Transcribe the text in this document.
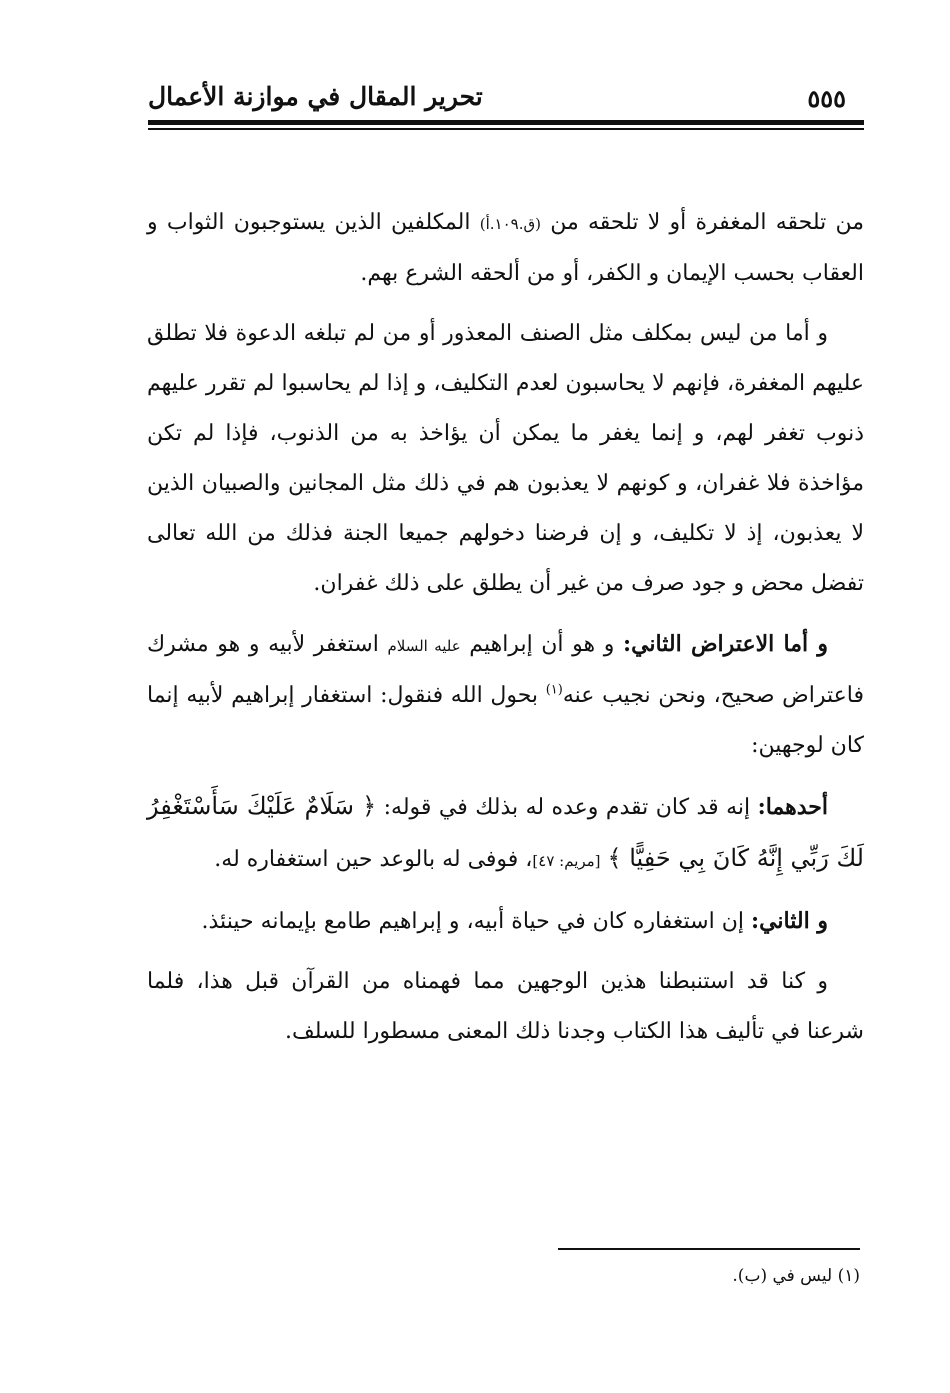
تحرير المقال في موازنة الأعمال	٥٥٥

من تلحقه المغفرة أو لا تلحقه من (ق.١٠٩.أ) المكلفين الذين يستوجبون الثواب و العقاب بحسب الإيمان و الكفر، أو من ألحقه الشرع بهم.

و أما من ليس بمكلف مثل الصنف المعذور أو من لم تبلغه الدعوة فلا تطلق عليهم المغفرة، فإنهم لا يحاسبون لعدم التكليف، و إذا لم يحاسبوا لم تقرر عليهم ذنوب تغفر لهم، و إنما يغفر ما يمكن أن يؤاخذ به من الذنوب، فإذا لم تكن مؤاخذة فلا غفران، و كونهم لا يعذبون هم في ذلك مثل المجانين والصبيان الذين لا يعذبون، إذ لا تكليف، و إن فرضنا دخولهم جميعا الجنة فذلك من الله تعالى تفضل محض و جود صرف من غير أن يطلق على ذلك غفران.

و أما الاعتراض الثاني: و هو أن إبراهيم عليه السلام استغفر لأبيه و هو مشرك فاعتراض صحيح، ونحن نجيب عنه$^{(١)}$ بحول الله فنقول: استغفار إبراهيم لأبيه إنما كان لوجهين:

أحدهما: إنه قد كان تقدم وعده له بذلك في قوله: ﴿ سَلَامٌ عَلَيْكَ سَأَسْتَغْفِرُ لَكَ رَبِّي إِنَّهُ كَانَ بِي حَفِيًّا ﴾ [مريم: ٤٧]، فوفى له بالوعد حين استغفاره له.

و الثاني: إن استغفاره كان في حياة أبيه، و إبراهيم طامع بإيمانه حينئذ.

و كنا قد استنبطنا هذين الوجهين مما فهمناه من القرآن قبل هذا، فلما شرعنا في تأليف هذا الكتاب وجدنا ذلك المعنى مسطورا للسلف.

(١) ليس في (ب).
